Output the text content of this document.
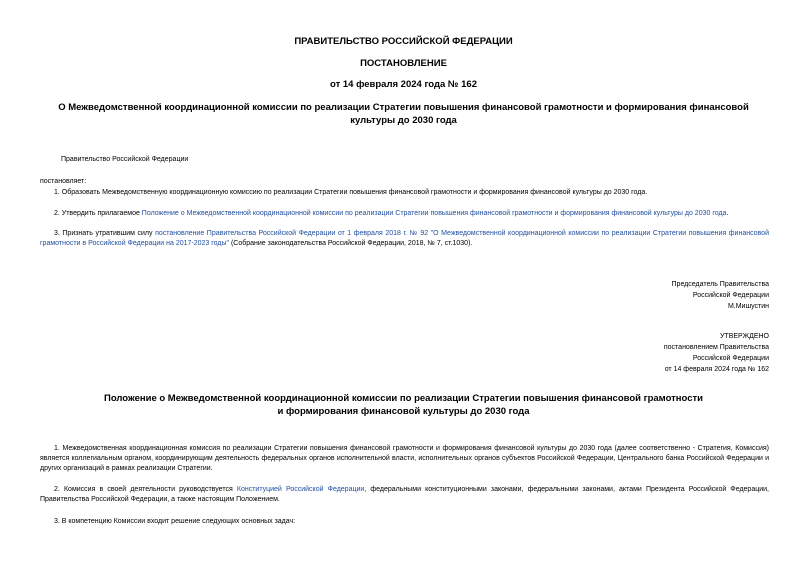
ПРАВИТЕЛЬСТВО РОССИЙСКОЙ ФЕДЕРАЦИИ
ПОСТАНОВЛЕНИЕ
от 14 февраля 2024 года № 162
О Межведомственной координационной комиссии по реализации Стратегии повышения финансовой грамотности и формирования финансовой культуры до 2030 года
Правительство Российской Федерации
постановляет:
1. Образовать Межведомственную координационную комиссию по реализации Стратегии повышения финансовой грамотности и формирования финансовой культуры до 2030 года.
2. Утвердить прилагаемое Положение о Межведомственной координационной комиссии по реализации Стратегии повышения финансовой грамотности и формирования финансовой культуры до 2030 года.
3. Признать утратившим силу постановление Правительства Российской Федерации от 1 февраля 2018 г. № 92 "О Межведомственной координационной комиссии по реализации Стратегии повышения финансовой грамотности в Российской Федерации на 2017-2023 годы" (Собрание законодательства Российской Федерации, 2018, № 7, ст.1030).
Председатель Правительства
Российской Федерации
М.Мишустин
УТВЕРЖДЕНО
постановлением Правительства
Российской Федерации
от 14 февраля 2024 года № 162
Положение о Межведомственной координационной комиссии по реализации Стратегии повышения финансовой грамотности и формирования финансовой культуры до 2030 года
1. Межведомственная координационная комиссия по реализации Стратегии повышения финансовой грамотности и формирования финансовой культуры до 2030 года (далее соответственно - Стратегия, Комиссия) является коллегиальным органом, координирующим деятельность федеральных органов исполнительной власти, исполнительных органов субъектов Российской Федерации, Центрального банка Российской Федерации и других организаций в рамках реализации Стратегии.
2. Комиссия в своей деятельности руководствуется Конституцией Российской Федерации, федеральными конституционными законами, федеральными законами, актами Президента Российской Федерации, Правительства Российской Федерации, а также настоящим Положением.
3. В компетенцию Комиссии входит решение следующих основных задач:
